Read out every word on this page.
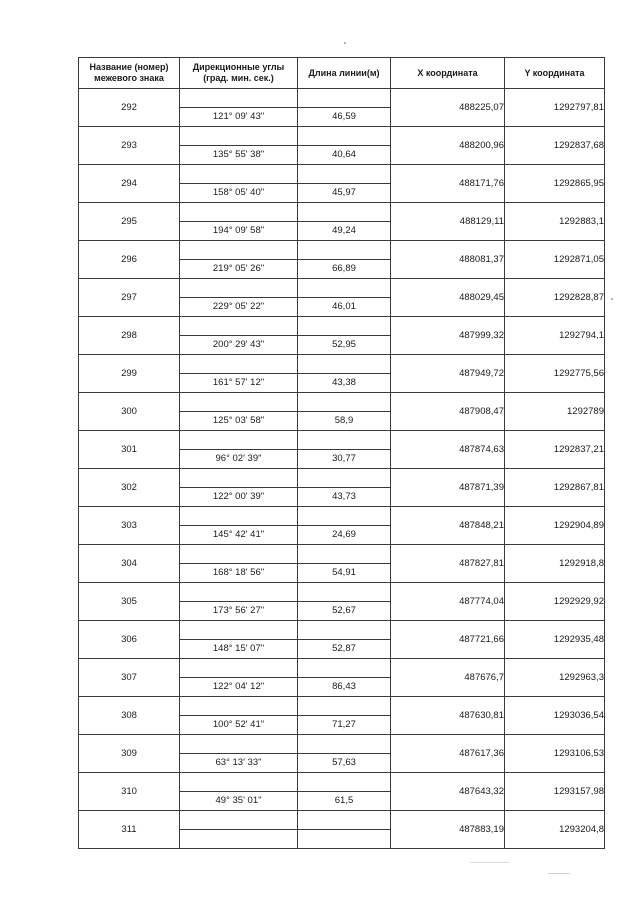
Название (номер) межевого знака	Дирекционные углы (град. мин. сек.)	Длина линии(м)	X координата	Y координата
292			488225,07	1292797,81
	121° 09' 43"	46,59		
293			488200,96	1292837,68
	135° 55' 38"	40,64		
294			488171,76	1292865,95
	158° 05' 40"	45,97		
295			488129,11	1292883,1
	194° 09' 58"	49,24		
296			488081,37	1292871,05
	219° 05' 26"	66,89		
297			488029,45	1292828,87
	229° 05' 22"	46,01		
298			487999,32	1292794,1
	200° 29' 43"	52,95		
299			487949,72	1292775,56
	161° 57' 12"	43,38		
300			487908,47	1292789
	125° 03' 58"	58,9		
301			487874,63	1292837,21
	96° 02' 39"	30,77		
302			487871,39	1292867,81
	122° 00' 39"	43,73		
303			487848,21	1292904,89
	145° 42' 41"	24,69		
304			487827,81	1292918,8
	168° 18' 56"	54,91		
305			487774,04	1292929,92
	173° 56' 27"	52,67		
306			487721,66	1292935,48
	148° 15' 07"	52,87		
307			487676,7	1292963,3
	122° 04' 12"	86,43		
308			487630,81	1293036,54
	100° 52' 41"	71,27		
309			487617,36	1293106,53
	63° 13' 33"	57,63		
310			487643,32	1293157,98
	49° 35' 01"	61,5		
311			487883,19	1293204,8
